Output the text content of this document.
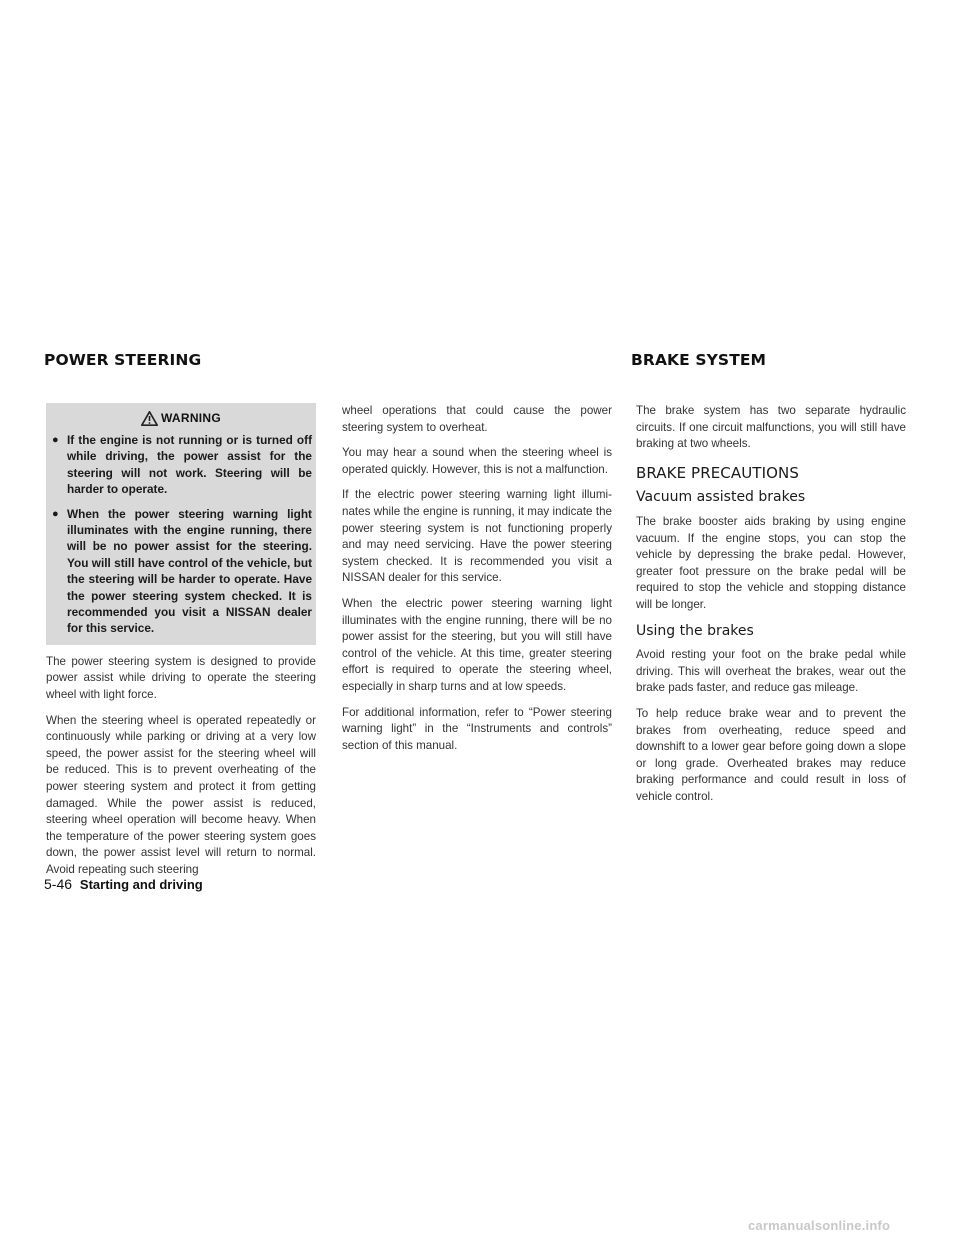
POWER STEERING	BRAKE SYSTEM
WARNING
● If the engine is not running or is turned off while driving, the power assist for the steering will not work. Steering will be harder to operate.
● When the power steering warning light illuminates with the engine running, there will be no power assist for the steering. You will still have control of the vehicle, but the steering will be harder to operate. Have the power steering system checked. It is recommended you visit a NISSAN dealer for this service.

The power steering system is designed to provide power assist while driving to operate the steering wheel with light force.

When the steering wheel is operated repeatedly or continuously while parking or driving at a very low speed, the power assist for the steering wheel will be reduced. This is to prevent overheating of the power steering system and protect it from getting damaged. While the power assist is reduced, steering wheel operation will become heavy. When the temperature of the power steering system goes down, the power assist level will return to normal. Avoid repeating such steering

wheel operations that could cause the power steering system to overheat.

You may hear a sound when the steering wheel is operated quickly. However, this is not a malfunction.

If the electric power steering warning light illuminates while the engine is running, it may indicate the power steering system is not functioning properly and may need servicing. Have the power steering system checked. It is recommended you visit a NISSAN dealer for this service.

When the electric power steering warning light illuminates with the engine running, there will be no power assist for the steering, but you will still have control of the vehicle. At this time, greater steering effort is required to operate the steering wheel, especially in sharp turns and at low speeds.

For additional information, refer to “Power steering warning light” in the “Instruments and controls” section of this manual.

The brake system has two separate hydraulic circuits. If one circuit malfunctions, you will still have braking at two wheels.

BRAKE PRECAUTIONS
Vacuum assisted brakes

The brake booster aids braking by using engine vacuum. If the engine stops, you can stop the vehicle by depressing the brake pedal. However, greater foot pressure on the brake pedal will be required to stop the vehicle and stopping distance will be longer.

Using the brakes

Avoid resting your foot on the brake pedal while driving. This will overheat the brakes, wear out the brake pads faster, and reduce gas mileage.

To help reduce brake wear and to prevent the brakes from overheating, reduce speed and downshift to a lower gear before going down a slope or long grade. Overheated brakes may reduce braking performance and could result in loss of vehicle control.

5-46 Starting and driving
carmanualsonline.info
